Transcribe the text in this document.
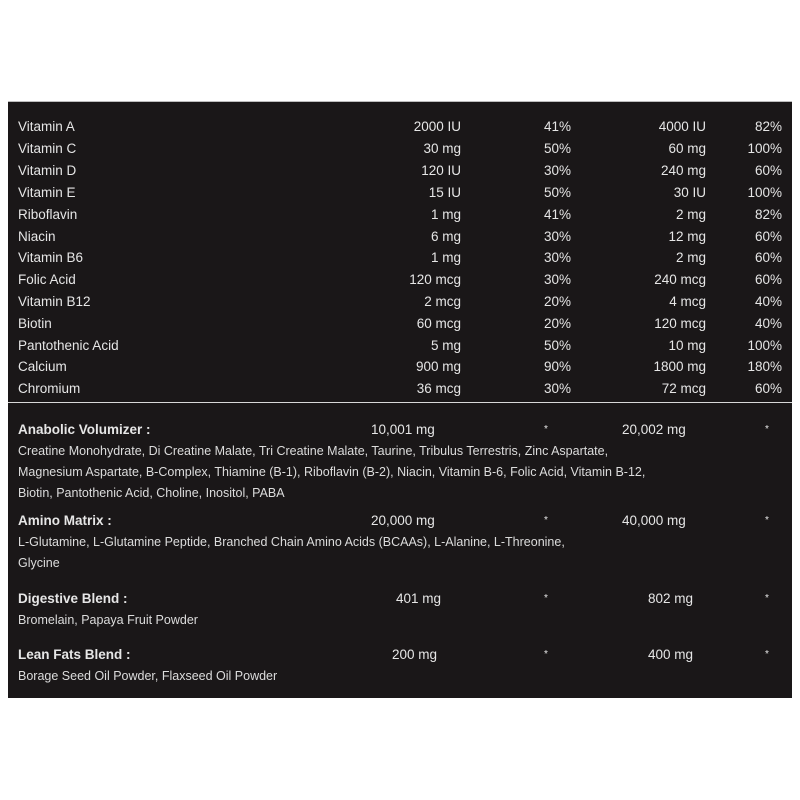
Vitamin A	2000 IU	41%	4000 IU	82%
Vitamin C	30 mg	50%	60 mg	100%
Vitamin D	120 IU	30%	240 mg	60%
Vitamin E	15 IU	50%	30 IU	100%
Riboflavin	1 mg	41%	2 mg	82%
Niacin	6 mg	30%	12 mg	60%
Vitamin B6	1 mg	30%	2 mg	60%
Folic Acid	120 mcg	30%	240 mcg	60%
Vitamin B12	2 mcg	20%	4 mcg	40%
Biotin	60 mcg	20%	120 mcg	40%
Pantothenic Acid	5 mg	50%	10 mg	100%
Calcium	900 mg	90%	1800 mg	180%
Chromium	36 mcg	30%	72 mcg	60%
Anabolic Volumizer :	10,001 mg	*	20,002 mg	*
Creatine Monohydrate, Di Creatine Malate, Tri Creatine Malate, Taurine, Tribulus Terrestris, Zinc Aspartate, Magnesium Aspartate, B-Complex, Thiamine (B-1), Riboflavin (B-2), Niacin, Vitamin B-6, Folic Acid, Vitamin B-12, Biotin, Pantothenic Acid, Choline, Inositol, PABA
Amino Matrix :	20,000 mg	*	40,000 mg	*
L-Glutamine, L-Glutamine Peptide, Branched Chain Amino Acids (BCAAs), L-Alanine, L-Threonine, Glycine
Digestive Blend :	401 mg	*	802 mg	*
Bromelain, Papaya Fruit Powder
Lean Fats Blend :	200 mg	*	400 mg	*
Borage Seed Oil Powder, Flaxseed Oil Powder
